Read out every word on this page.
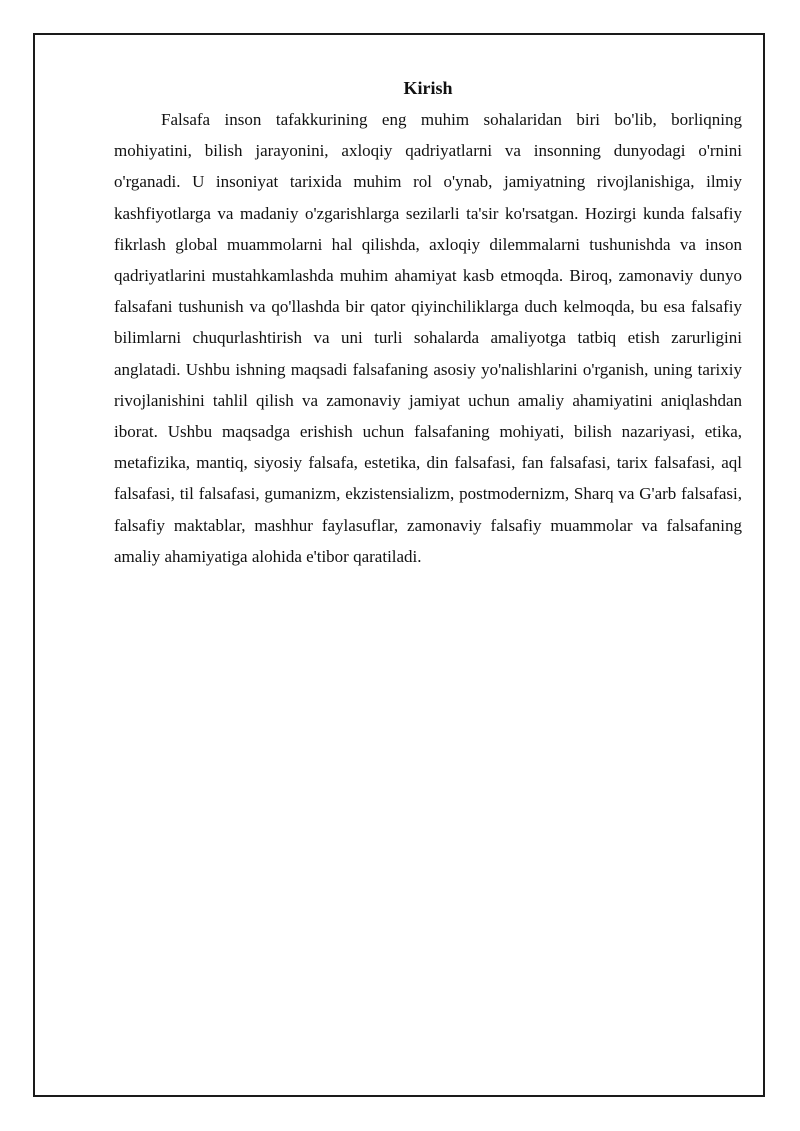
Kirish

Falsafa inson tafakkurining eng muhim sohalaridan biri bo'lib, borliqning mohiyatini, bilish jarayonini, axloqiy qadriyatlarni va insonning dunyodagi o'rnini o'rganadi. U insoniyat tarixida muhim rol o'ynab, jamiyatning rivojlanishiga, ilmiy kashfiyotlarga va madaniy o'zgarishlarga sezilarli ta'sir ko'rsatgan. Hozirgi kunda falsafiy fikrlash global muammolarni hal qilishda, axloqiy dilemmalarni tushunishda va inson qadriyatlarini mustahkamlashda muhim ahamiyat kasb etmoqda. Biroq, zamonaviy dunyo falsafani tushunish va qo'llashda bir qator qiyinchiliklarga duch kelmoqda, bu esa falsafiy bilimlarni chuqurlashtirish va uni turli sohalarda amaliyotga tatbiq etish zarurligini anglatadi. Ushbu ishning maqsadi falsafaning asosiy yo'nalishlarini o'rganish, uning tarixiy rivojlanishini tahlil qilish va zamonaviy jamiyat uchun amaliy ahamiyatini aniqlashdan iborat. Ushbu maqsadga erishish uchun falsafaning mohiyati, bilish nazariyasi, etika, metafizika, mantiq, siyosiy falsafa, estetika, din falsafasi, fan falsafasi, tarix falsafasi, aql falsafasi, til falsafasi, gumanizm, ekzistensializm, postmodernizm, Sharq va G'arb falsafasi, falsafiy maktablar, mashhur faylasuflar, zamonaviy falsafiy muammolar va falsafaning amaliy ahamiyatiga alohida e'tibor qaratiladi.
